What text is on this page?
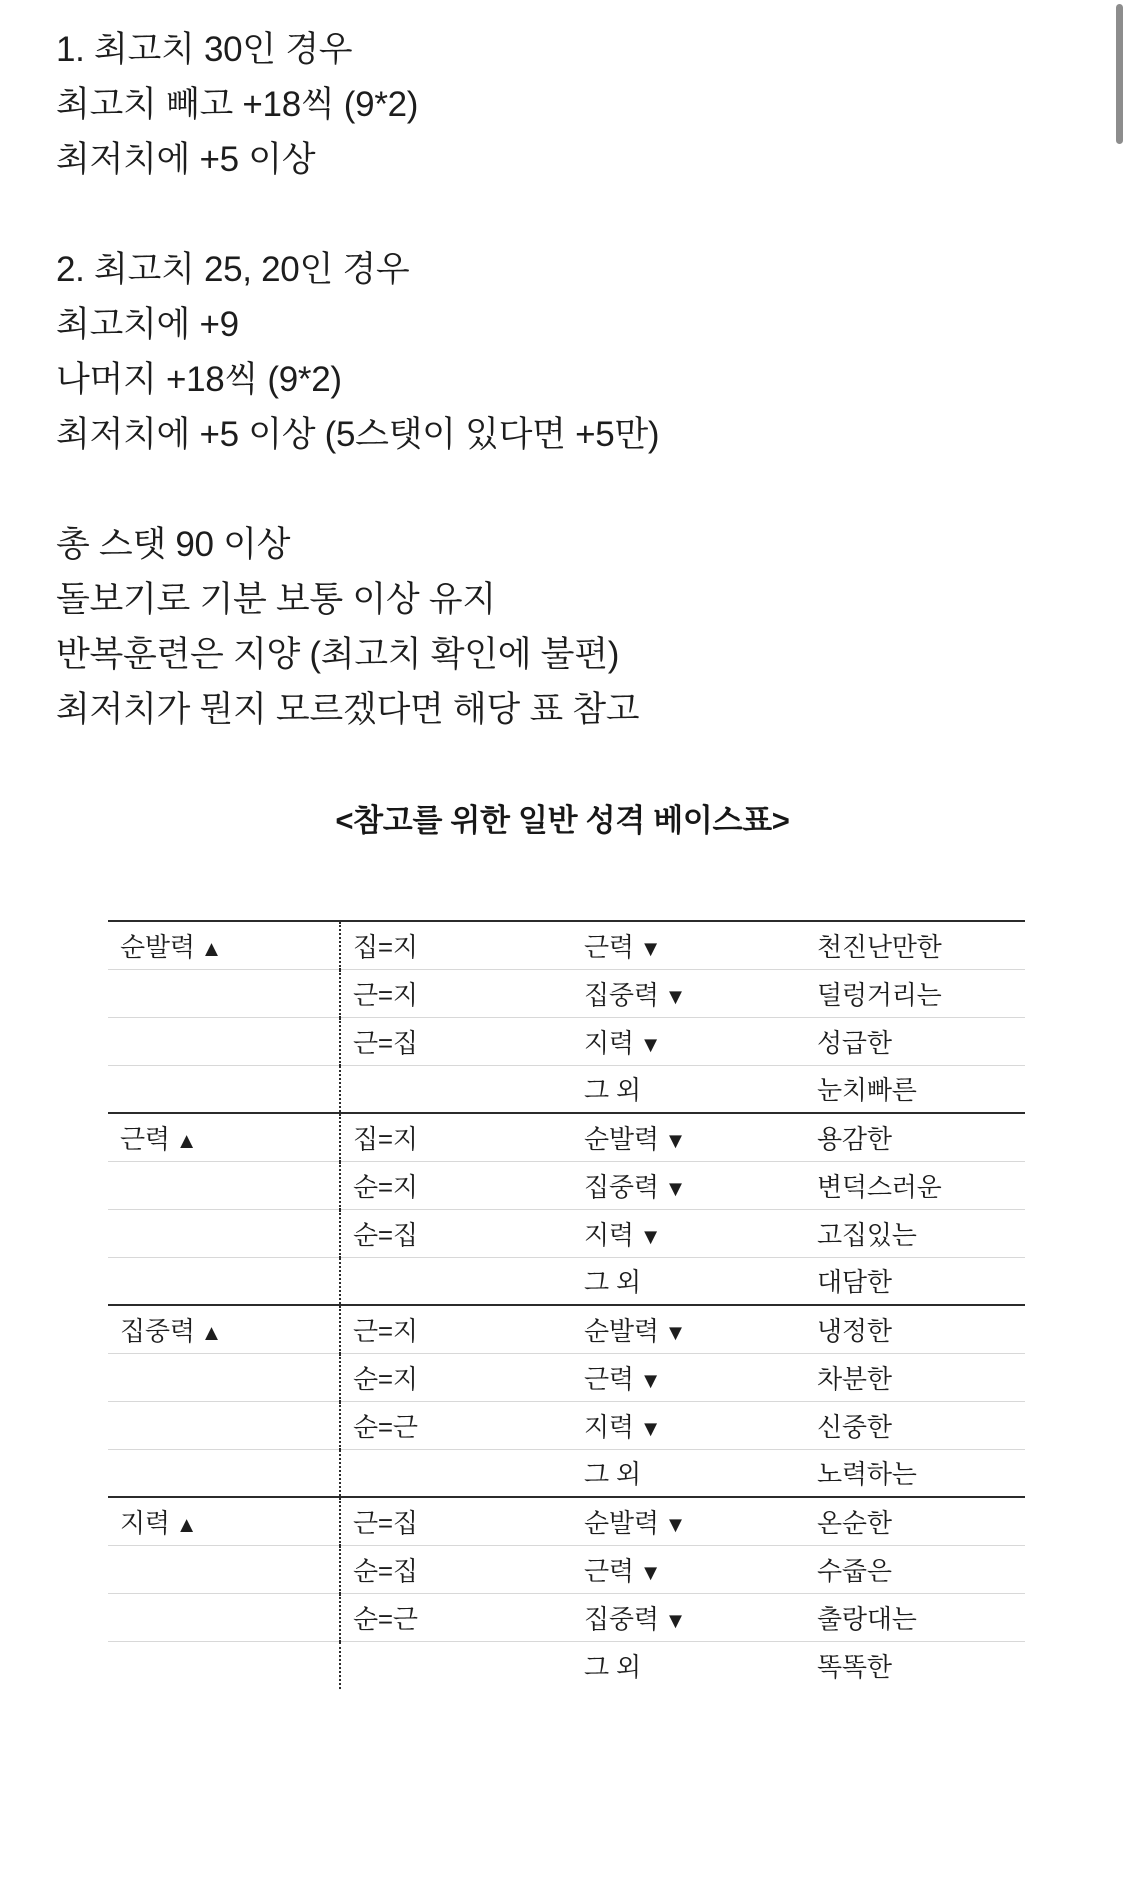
1. 최고치 30인 경우
최고치 빼고 +18씩 (9*2)
최저치에 +5 이상
2. 최고치 25, 20인 경우
최고치에 +9
나머지 +18씩 (9*2)
최저치에 +5 이상 (5스탯이 있다면 +5만)
총 스탯 90 이상
돌보기로 기분 보통 이상 유지
반복훈련은 지양 (최고치 확인에 불편)
최저치가 뭔지 모르겠다면 해당 표 참고
<참고를 위한 일반 성격 베이스표>
순발력 ▲	집=지	근력 ▼	천진난만한
	근=지	집중력 ▼	덜렁거리는
	근=집	지력 ▼	성급한
		그 외	눈치빠른
근력 ▲	집=지	순발력 ▼	용감한
	순=지	집중력 ▼	변덕스러운
	순=집	지력 ▼	고집있는
		그 외	대담한
집중력 ▲	근=지	순발력 ▼	냉정한
	순=지	근력 ▼	차분한
	순=근	지력 ▼	신중한
		그 외	노력하는
지력 ▲	근=집	순발력 ▼	온순한
	순=집	근력 ▼	수줍은
	순=근	집중력 ▼	출랑대는
		그 외	똑똑한
